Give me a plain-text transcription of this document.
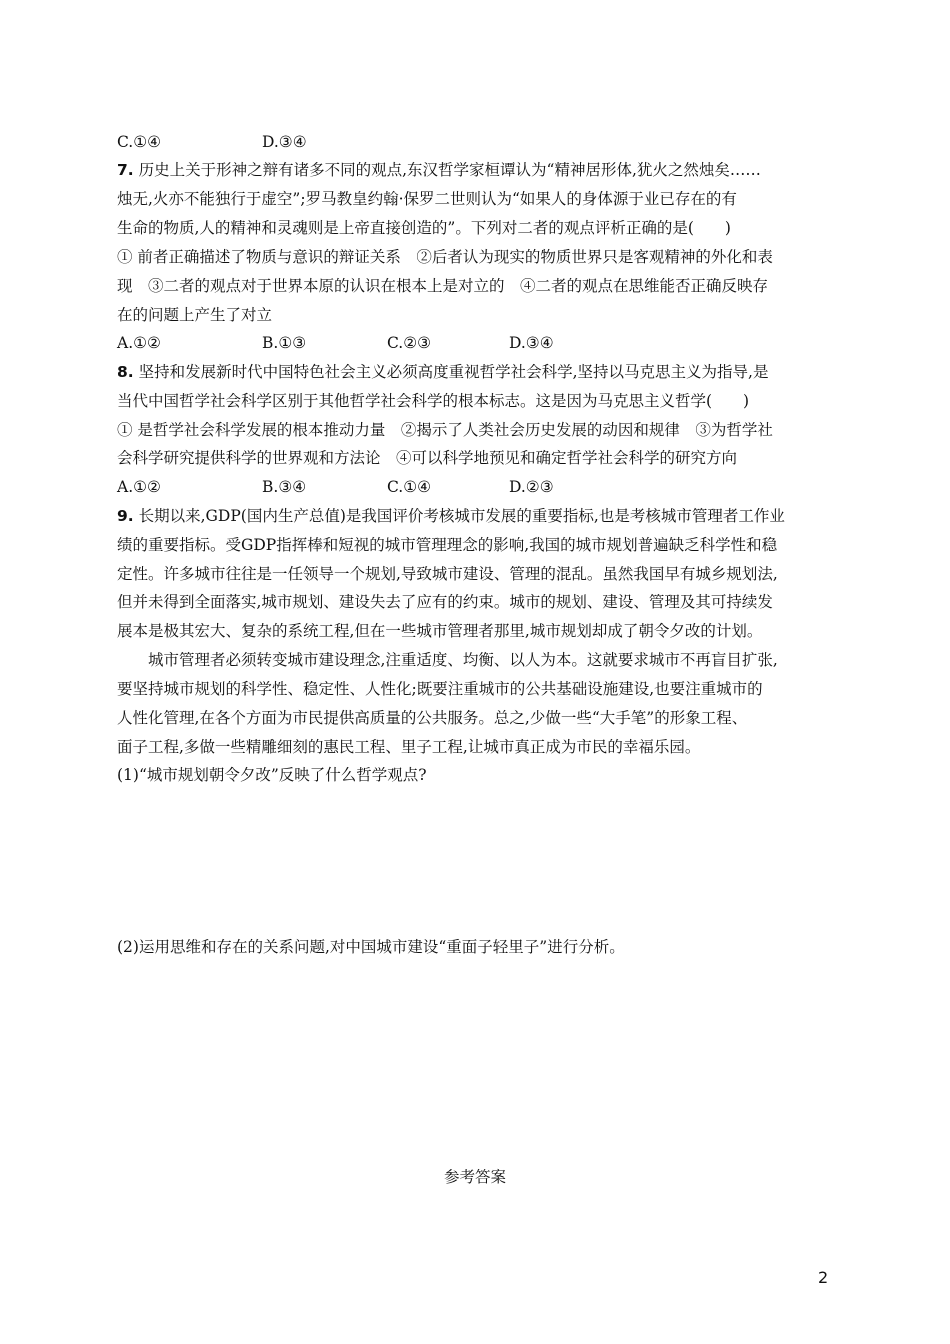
C.①④	D.③④
7. 历史上关于形神之辩有诸多不同的观点,东汉哲学家桓谭认为“精神居形体,犹火之然烛矣……
烛无,火亦不能独行于虚空”;罗马教皇约翰·保罗二世则认为“如果人的身体源于业已存在的有
生命的物质,人的精神和灵魂则是上帝直接创造的”。下列对二者的观点评析正确的是(　　)
① 前者正确描述了物质与意识的辩证关系　②后者认为现实的物质世界只是客观精神的外化和表
现　③二者的观点对于世界本原的认识在根本上是对立的　④二者的观点在思维能否正确反映存
在的问题上产生了对立
A.①②	B.①③	C.②③	D.③④
8. 坚持和发展新时代中国特色社会主义必须高度重视哲学社会科学,坚持以马克思主义为指导,是
当代中国哲学社会科学区别于其他哲学社会科学的根本标志。这是因为马克思主义哲学(　　)
① 是哲学社会科学发展的根本推动力量　②揭示了人类社会历史发展的动因和规律　③为哲学社
会科学研究提供科学的世界观和方法论　④可以科学地预见和确定哲学社会科学的研究方向
A.①②	B.③④	C.①④	D.②③
9. 长期以来,GDP(国内生产总值)是我国评价考核城市发展的重要指标,也是考核城市管理者工作业
绩的重要指标。受GDP指挥棒和短视的城市管理理念的影响,我国的城市规划普遍缺乏科学性和稳
定性。许多城市往往是一任领导一个规划,导致城市建设、管理的混乱。虽然我国早有城乡规划法,
但并未得到全面落实,城市规划、建设失去了应有的约束。城市的规划、建设、管理及其可持续发
展本是极其宏大、复杂的系统工程,但在一些城市管理者那里,城市规划却成了朝令夕改的计划。
　　城市管理者必须转变城市建设理念,注重适度、均衡、以人为本。这就要求城市不再盲目扩张,
要坚持城市规划的科学性、稳定性、人性化;既要注重城市的公共基础设施建设,也要注重城市的
人性化管理,在各个方面为市民提供高质量的公共服务。总之,少做一些“大手笔”的形象工程、
面子工程,多做一些精雕细刻的惠民工程、里子工程,让城市真正成为市民的幸福乐园。
(1)“城市规划朝令夕改”反映了什么哲学观点?
(2)运用思维和存在的关系问题,对中国城市建设“重面子轻里子”进行分析。
参考答案
2
